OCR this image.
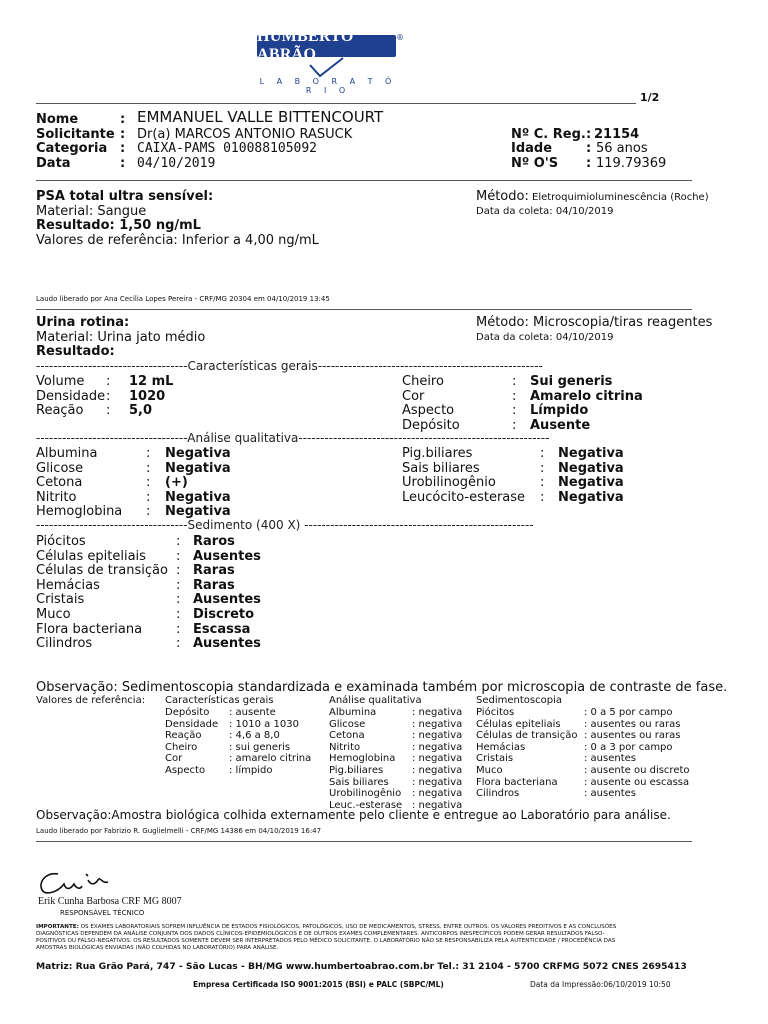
HUMBERTO ABRÃO
®
L A B O R A T Ó R I O
1/2
Nome	: EMMANUEL VALLE BITTENCOURT
Solicitante : Dr(a) MARCOS ANTONIO RASUCK
Categoria : CAIXA-PAMS 010088105092
Data	: 04/10/2019
Nº C. Reg. : 21154
Idade	: 56 anos
Nº O'S : 119.79369
PSA total ultra sensível:
Material: Sangue
Resultado: 1,50 ng/mL
Valores de referência: Inferior a 4,00 ng/mL
Método: Eletroquimioluminescência (Roche)
Data da coleta: 04/10/2019
Laudo liberado por Ana Cecília Lopes Pereira - CRF/MG 20304 em 04/10/2019 13:45
Urina rotina:
Material: Urina jato médio
Resultado:
Método: Microscopia/tiras reagentes
Data da coleta: 04/10/2019
-----------------------------------Características gerais----------------------------------------------------
Volume : 12 mL
Densidade : 1020
Reação : 5,0
Cheiro	: Sui generis
Cor	: Amarelo citrina
Aspecto	: Límpido
Depósito	: Ausente
-----------------------------------Análise qualitativa----------------------------------------------------------
Albumina	: Negativa
Glicose	: Negativa
Cetona	: (+)
Nitrito	: Negativa
Hemoglobina : Negativa
Pig.biliares	: Negativa
Sais biliares	: Negativa
Urobilinogênio	: Negativa
Leucócito-esterase : Negativa
-----------------------------------Sedimento (400 X) -----------------------------------------------------
Piócitos	: Raros
Células epiteliais : Ausentes
Células de transição : Raras
Hemácias	: Raras
Cristais	: Ausentes
Muco	: Discreto
Flora bacteriana	: Escassa
Cilindros	: Ausentes
Observação: Sedimentoscopia standardizada e examinada também por microscopia de contraste de fase.
Valores de referência: Características gerais	Análise qualitativa	Sedimentoscopia
Depósito : ausente
Densidade : 1010 a 1030
Reação	: 4,6 a 8,0
Cheiro	: sui generis
Cor	: amarelo citrina
Aspecto : límpido
Albumina	: negativa
Glicose	: negativa
Cetona	: negativa
Nitrito	: negativa
Hemoglobina : negativa
Pig.biliares	: negativa
Sais biliares : negativa
Urobilinogênio : negativa
Leuc.-esterase : negativa
Piócitos	: 0 a 5 por campo
Células epiteliais : ausentes ou raras
Células de transição : ausentes ou raras
Hemácias	: 0 a 3 por campo
Cristais	: ausentes
Muco	: ausente ou discreto
Flora bacteriana	: ausente ou escassa
Cilindros	: ausentes
Observação:Amostra biológica colhida externamente pelo cliente e entregue ao Laboratório para análise.
Laudo liberado por Fabrizio R. Guglielmelli - CRF/MG 14386 em 04/10/2019 16:47
Erik Cunha Barbosa CRF MG 8007
RESPONSÁVEL TÉCNICO
IMPORTANTE: OS EXAMES LABORATORIAIS SOFREM INFLUÊNCIA DE ESTADOS FISIOLÓGICOS, PATOLÓGICOS, USO DE MEDICAMENTOS, STRESS, ENTRE OUTROS. OS VALORES PREDITIVOS E AS CONCLUSÕES
DIAGNÓSTICAS DEPENDEM DA ANÁLISE CONJUNTA DOS DADOS CLÍNICOS-EPIDEMIOLÓGICOS E DE OUTROS EXAMES COMPLEMENTARES. ANTICORPOS INESPECÍFICOS PODEM GERAR RESULTADOS FALSO-
POSITIVOS OU FALSO-NEGATIVOS. OS RESULTADOS SOMENTE DEVEM SER INTERPRETADOS PELO MÉDICO SOLICITANTE. O LABORATÓRIO NÃO SE RESPONSABILIZA PELA AUTENTICIDADE / PROCEDÊNCIA DAS
AMOSTRAS BIOLÓGICAS ENVIADAS (NÃO COLHIDAS NO LABORATÓRIO) PARA ANÁLISE.
Matriz: Rua Grão Pará, 747 - São Lucas - BH/MG www.humbertoabrao.com.br Tel.: 31 2104 - 5700 CRFMG 5072 CNES 2695413
Empresa Certificada ISO 9001:2015 (BSI) e PALC (SBPC/ML)	Data da Impressão:06/10/2019 10:50
